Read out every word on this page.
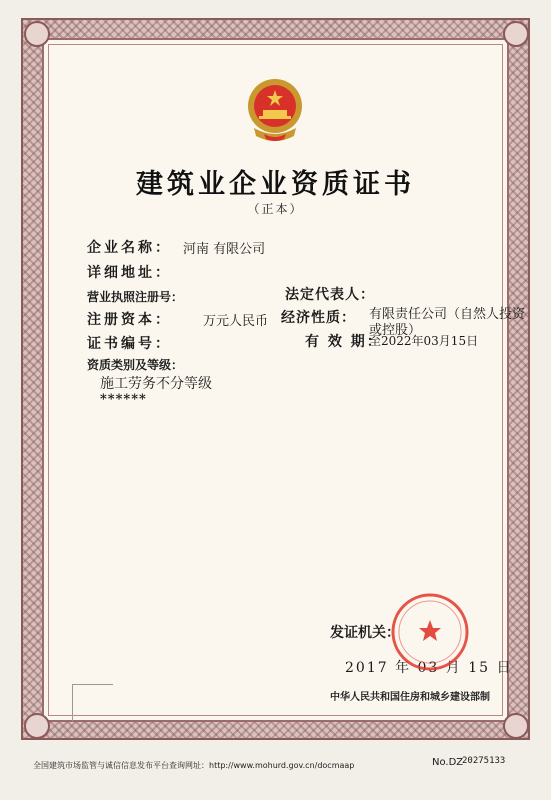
建筑业企业资质证书
（正本）
企业名称： 河南 有限公司
详细地址：
营业执照注册号：	法定代表人：
注册资本： 万元人民币 经济性质： 有限责任公司（自然人投资
或控股）
证书编号：	有 效 期：
至2022年03月15日
资质类别及等级：
施工劳务不分等级
******
发证机关：
2017 年 03 月 15 日
中华人民共和国住房和城乡建设部制
全国建筑市场监管与诚信信息发布平台查询网址：http://www.mohurd.gov.cn/docmaap	No.DZ
20275133
